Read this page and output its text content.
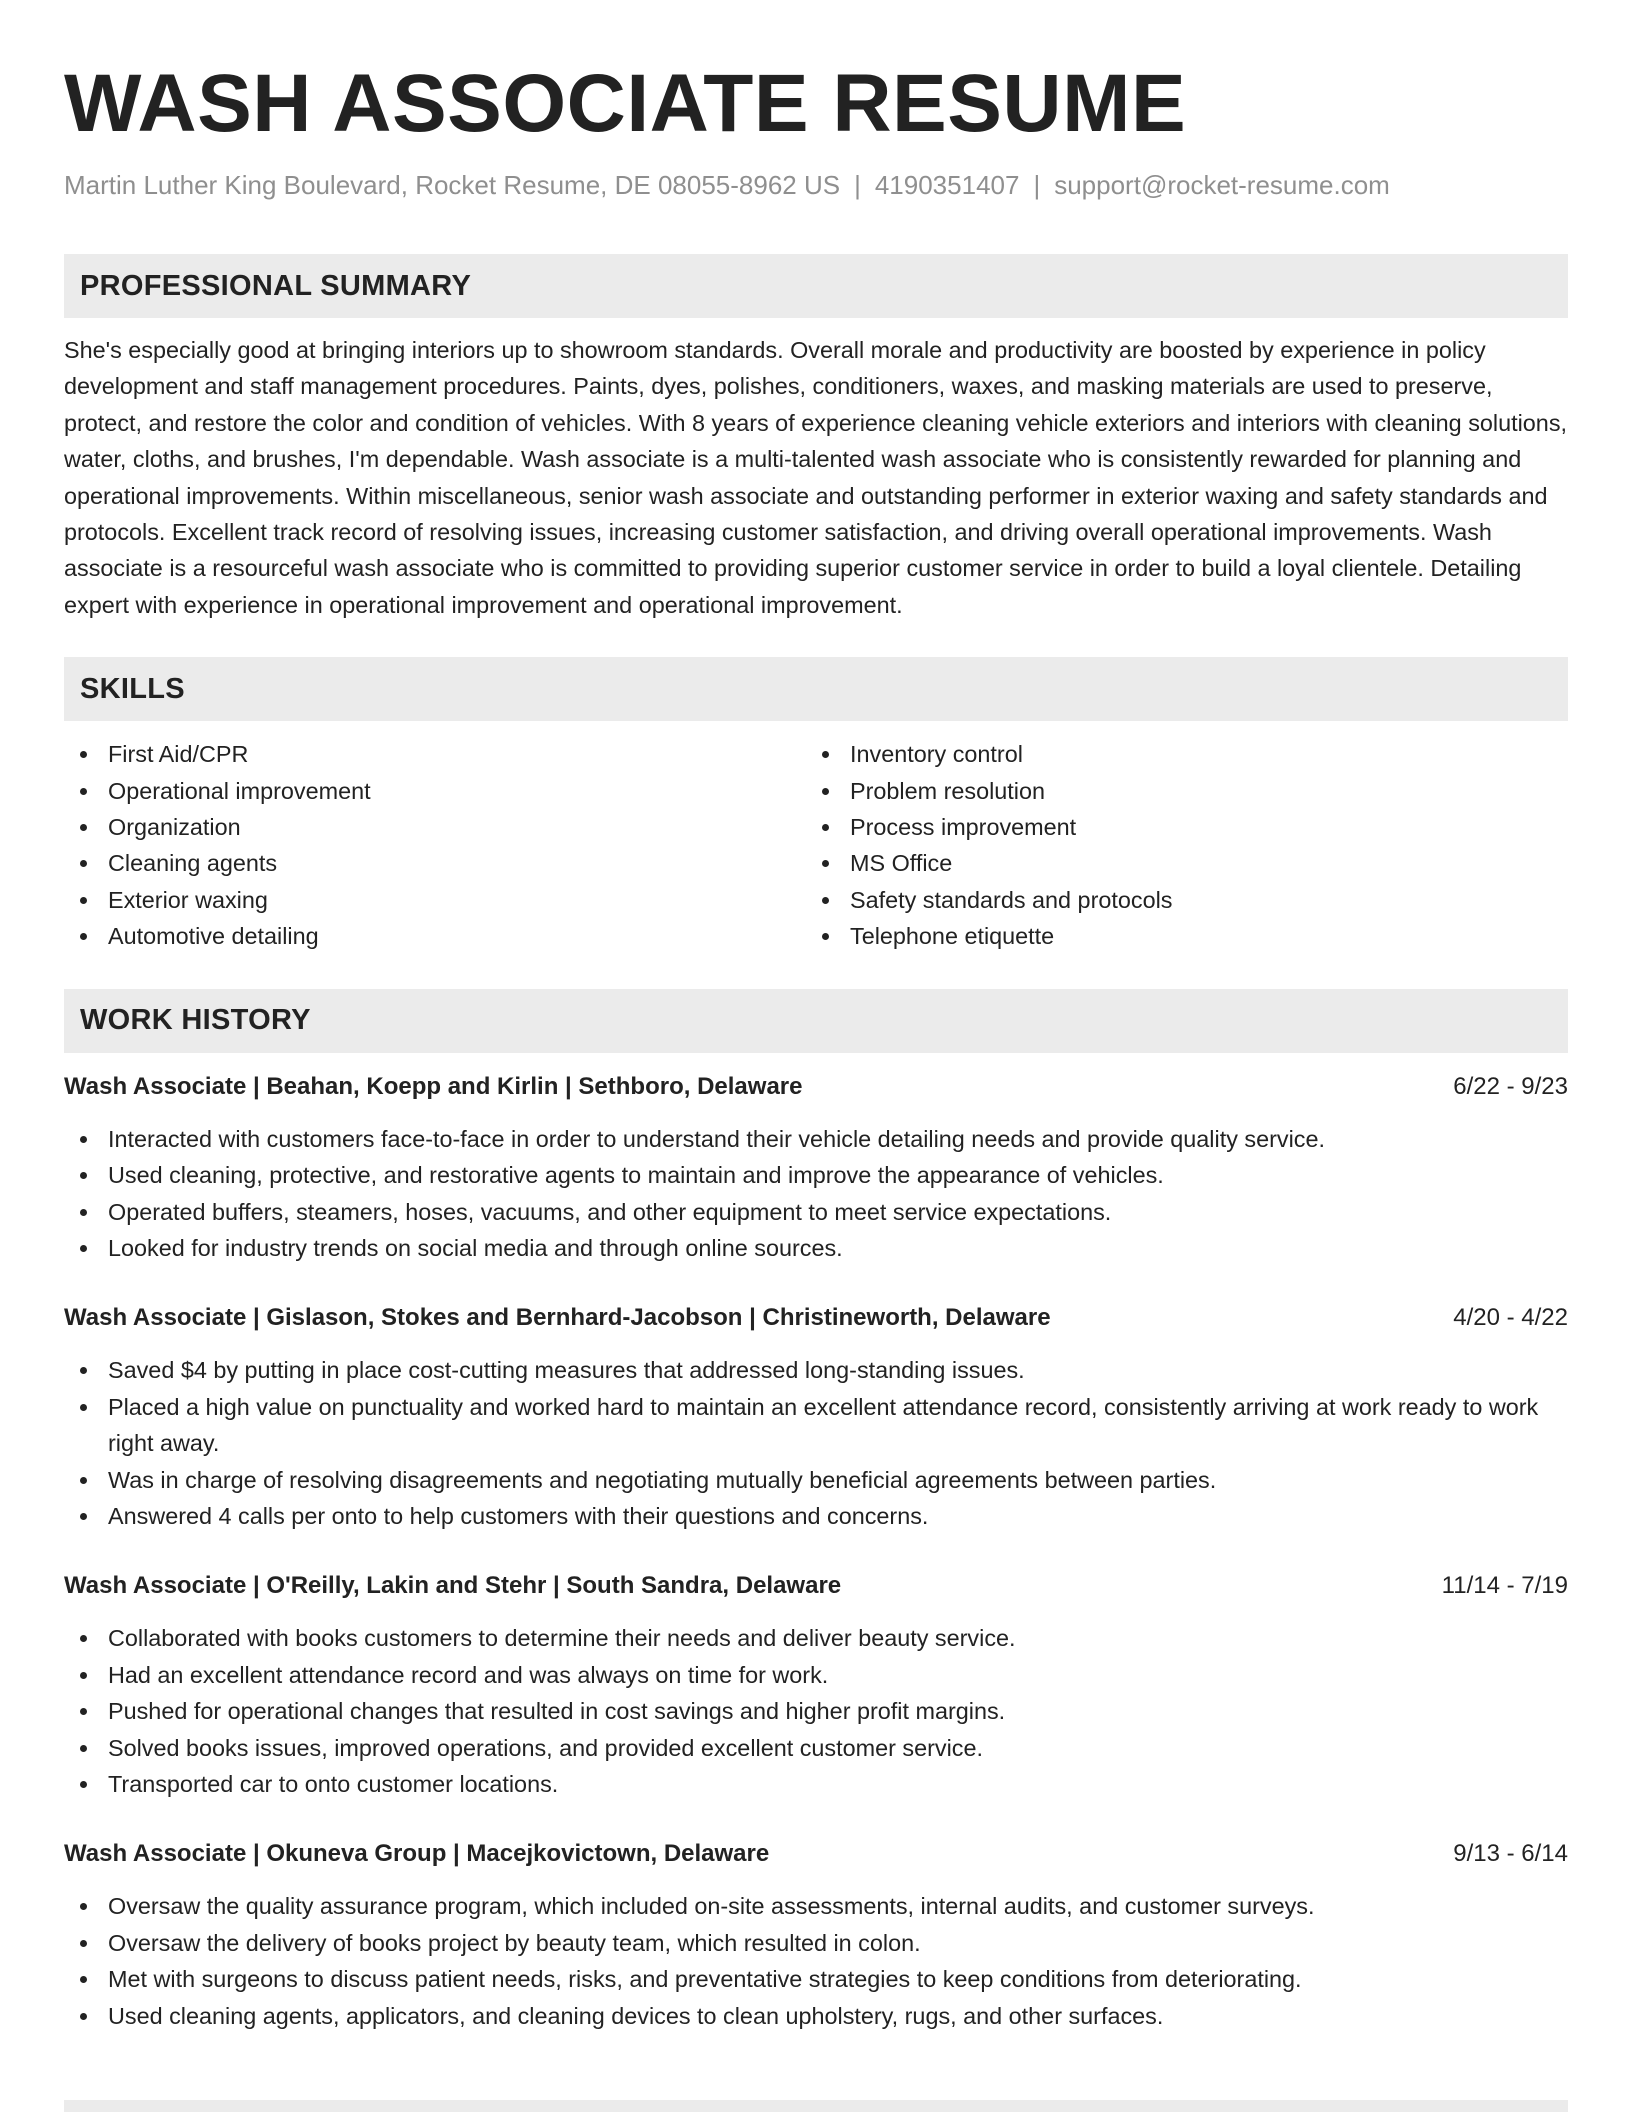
WASH ASSOCIATE RESUME
Martin Luther King Boulevard, Rocket Resume, DE 08055-8962 US | 4190351407 | support@rocket-resume.com
PROFESSIONAL SUMMARY

She's especially good at bringing interiors up to showroom standards. Overall morale and productivity are boosted by experience in policy development and staff management procedures. Paints, dyes, polishes, conditioners, waxes, and masking materials are used to preserve, protect, and restore the color and condition of vehicles. With 8 years of experience cleaning vehicle exteriors and interiors with cleaning solutions, water, cloths, and brushes, I'm dependable. Wash associate is a multi-talented wash associate who is consistently rewarded for planning and operational improvements. Within miscellaneous, senior wash associate and outstanding performer in exterior waxing and safety standards and protocols. Excellent track record of resolving issues, increasing customer satisfaction, and driving overall operational improvements. Wash associate is a resourceful wash associate who is committed to providing superior customer service in order to build a loyal clientele. Detailing expert with experience in operational improvement and operational improvement.

SKILLS
First Aid/CPR
Operational improvement
Organization
Cleaning agents
Exterior waxing
Automotive detailing
Inventory control
Problem resolution
Process improvement
MS Office
Safety standards and protocols
Telephone etiquette
WORK HISTORY
Wash Associate | Beahan, Koepp and Kirlin | Sethboro, Delaware	6/22 - 9/23
Interacted with customers face-to-face in order to understand their vehicle detailing needs and provide quality service.
Used cleaning, protective, and restorative agents to maintain and improve the appearance of vehicles.
Operated buffers, steamers, hoses, vacuums, and other equipment to meet service expectations.
Looked for industry trends on social media and through online sources.
Wash Associate | Gislason, Stokes and Bernhard-Jacobson | Christineworth, Delaware	4/20 - 4/22
Saved $4 by putting in place cost-cutting measures that addressed long-standing issues.
Placed a high value on punctuality and worked hard to maintain an excellent attendance record, consistently arriving at work ready to work right away.
Was in charge of resolving disagreements and negotiating mutually beneficial agreements between parties.
Answered 4 calls per onto to help customers with their questions and concerns.
Wash Associate | O'Reilly, Lakin and Stehr | South Sandra, Delaware	11/14 - 7/19
Collaborated with books customers to determine their needs and deliver beauty service.
Had an excellent attendance record and was always on time for work.
Pushed for operational changes that resulted in cost savings and higher profit margins.
Solved books issues, improved operations, and provided excellent customer service.
Transported car to onto customer locations.
Wash Associate | Okuneva Group | Macejkovictown, Delaware	9/13 - 6/14
Oversaw the quality assurance program, which included on-site assessments, internal audits, and customer surveys.
Oversaw the delivery of books project by beauty team, which resulted in colon.
Met with surgeons to discuss patient needs, risks, and preventative strategies to keep conditions from deteriorating.
Used cleaning agents, applicators, and cleaning devices to clean upholstery, rugs, and other surfaces.
